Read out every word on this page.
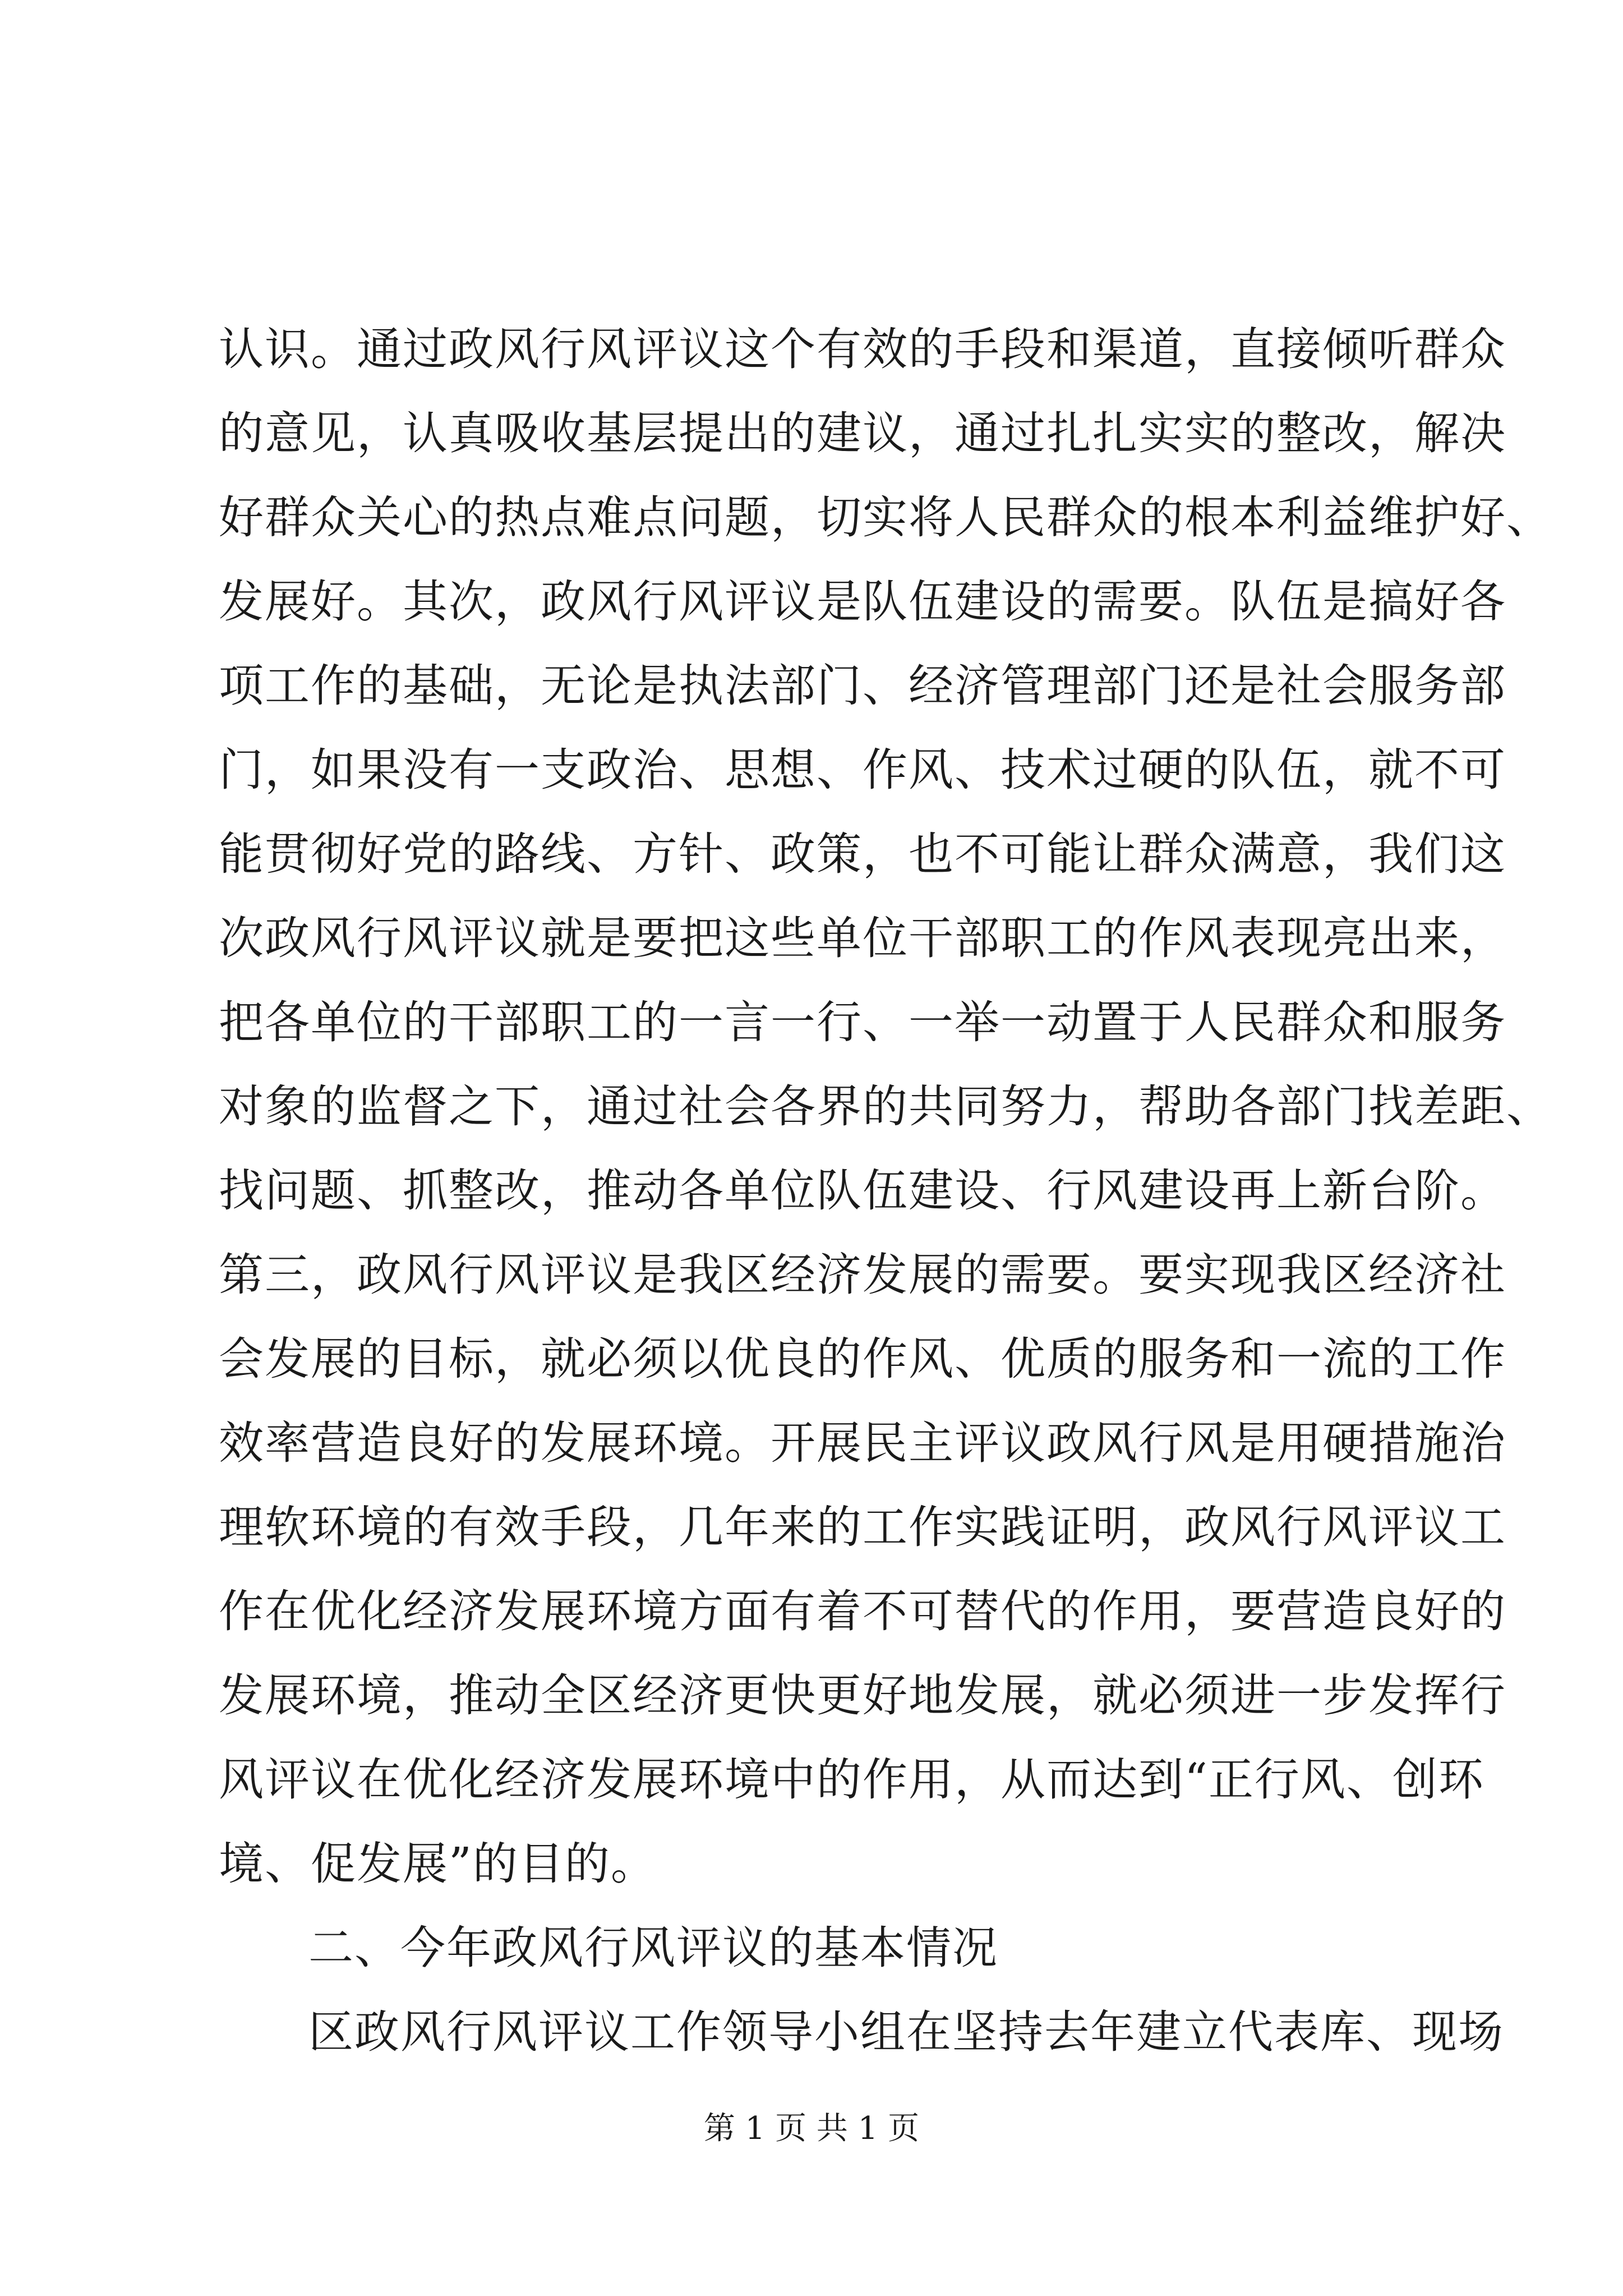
认识。通过政风行风评议这个有效的手段和渠道，直接倾听群众
的意见，认真吸收基层提出的建议，通过扎扎实实的整改，解决
好群众关心的热点难点问题，切实将人民群众的根本利益维护好、
发展好。其次，政风行风评议是队伍建设的需要。队伍是搞好各
项工作的基础，无论是执法部门、经济管理部门还是社会服务部
门，如果没有一支政治、思想、作风、技术过硬的队伍，就不可
能贯彻好党的路线、方针、政策，也不可能让群众满意，我们这
次政风行风评议就是要把这些单位干部职工的作风表现亮出来，
把各单位的干部职工的一言一行、一举一动置于人民群众和服务
对象的监督之下，通过社会各界的共同努力，帮助各部门找差距、
找问题、抓整改，推动各单位队伍建设、行风建设再上新台阶。
第三，政风行风评议是我区经济发展的需要。要实现我区经济社
会发展的目标，就必须以优良的作风、优质的服务和一流的工作
效率营造良好的发展环境。开展民主评议政风行风是用硬措施治
理软环境的有效手段，几年来的工作实践证明，政风行风评议工
作在优化经济发展环境方面有着不可替代的作用，要营造良好的
发展环境，推动全区经济更快更好地发展，就必须进一步发挥行
风评议在优化经济发展环境中的作用，从而达到“正行风、创环
境、促发展”的目的。
二、今年政风行风评议的基本情况
区政风行风评议工作领导小组在坚持去年建立代表库、现场
第 1 页 共 1 页
